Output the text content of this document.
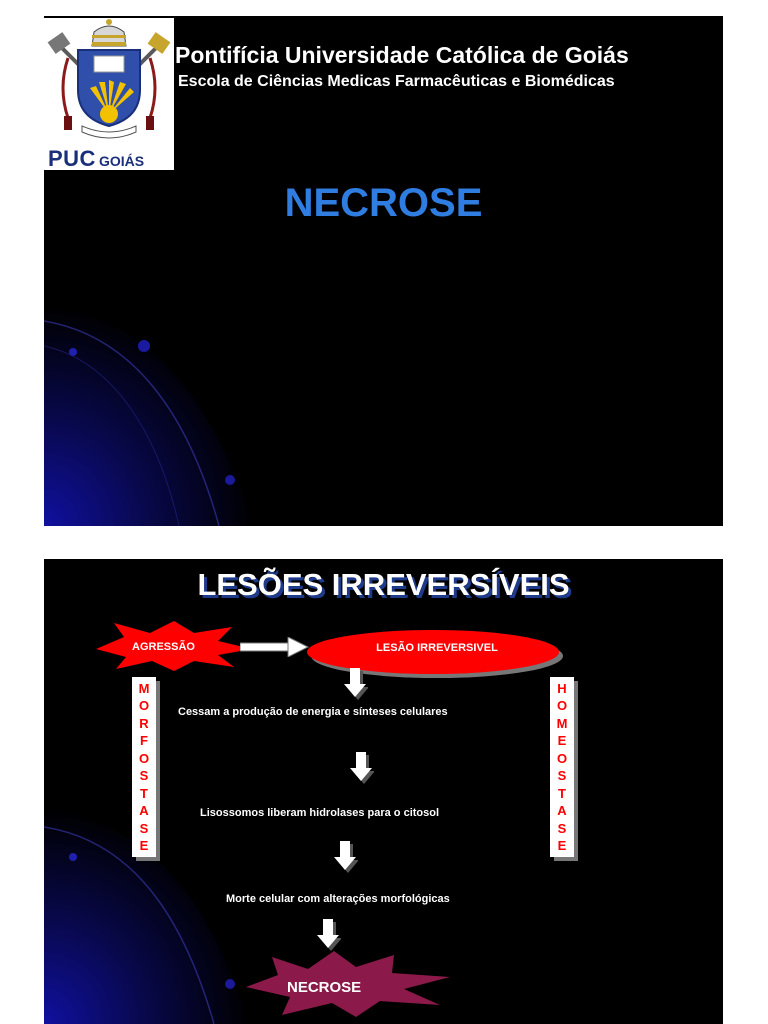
PUC GOIÁS
Pontifícia Universidade Católica de Goiás
Escola de Ciências Medicas Farmacêuticas e Biomédicas
NECROSE
LESÕES IRREVERSÍVEIS
AGRESSÃO	LESÃO IRREVERSIVEL
M
O
R
F
O
S
T
A
S
E
H
O
M
E
O
S
T
A
S
E
Cessam a produção de energia e sínteses celulares
Lisossomos liberam hidrolases para o citosol
Morte celular com alterações morfológicas
NECROSE
